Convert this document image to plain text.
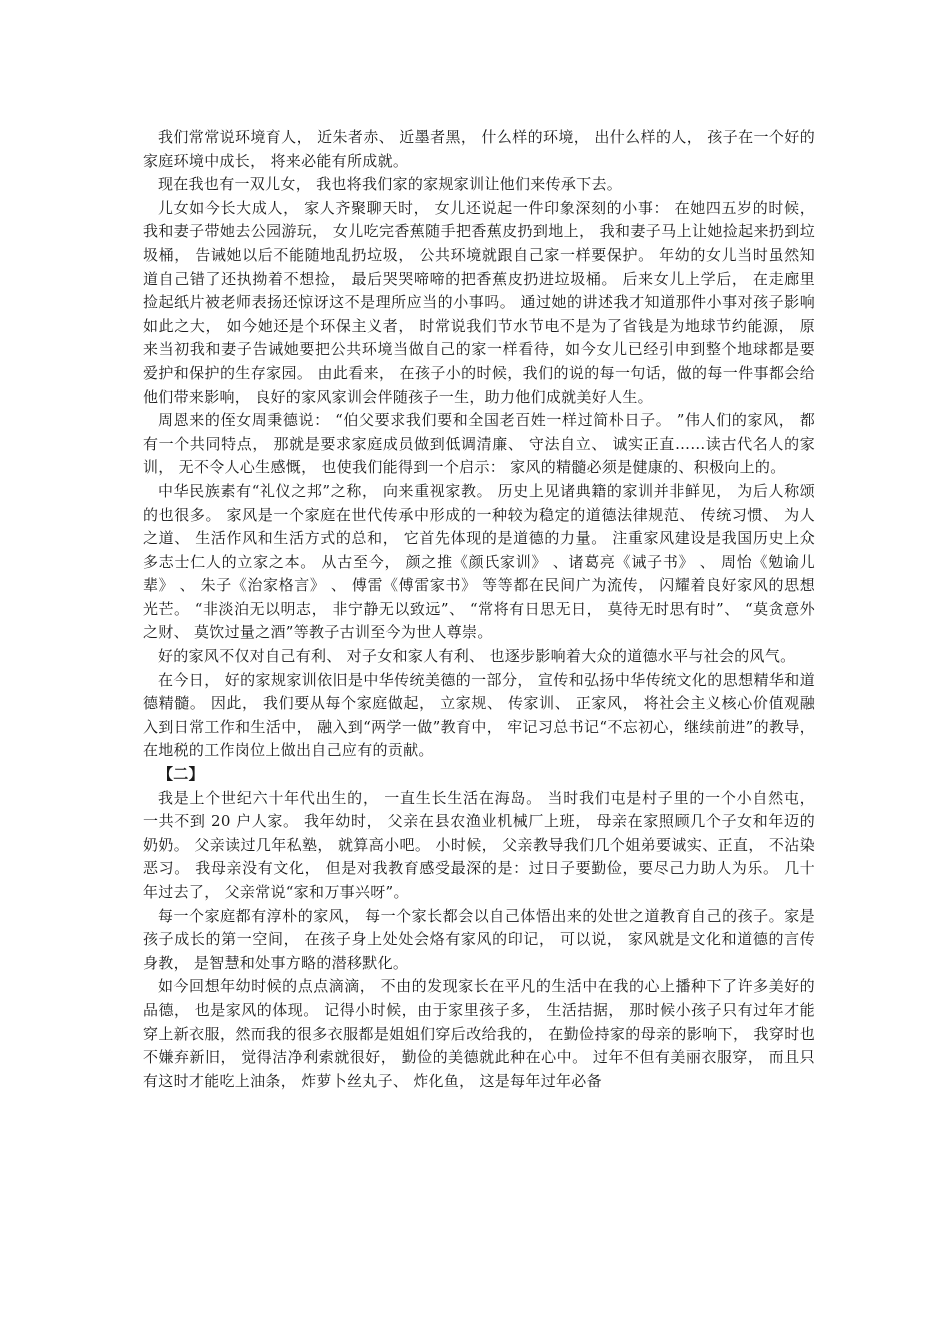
我们常常说环境育人， 近朱者赤、 近墨者黑， 什么样的环境， 出什么样的人， 孩子在一个好的家庭环境中成长， 将来必能有所成就。

现在我也有一双儿女， 我也将我们家的家规家训让他们来传承下去。

儿女如今长大成人， 家人齐聚聊天时， 女儿还说起一件印象深刻的小事： 在她四五岁的时候， 我和妻子带她去公园游玩， 女儿吃完香蕉随手把香蕉皮扔到地上， 我和妻子马上让她捡起来扔到垃圾桶， 告诫她以后不能随地乱扔垃圾， 公共环境就跟自己家一样要保护。 年幼的女儿当时虽然知道自己错了还执拗着不想捡， 最后哭哭啼啼的把香蕉皮扔进垃圾桶。 后来女儿上学后， 在走廊里捡起纸片被老师表扬还惊讶这不是理所应当的小事吗。 通过她的讲述我才知道那件小事对孩子影响如此之大， 如今她还是个环保主义者， 时常说我们节水节电不是为了省钱是为地球节约能源， 原来当初我和妻子告诫她要把公共环境当做自己的家一样看待，如今女儿已经引申到整个地球都是要爱护和保护的生存家园。 由此看来， 在孩子小的时候，我们的说的每一句话，做的每一件事都会给他们带来影响， 良好的家风家训会伴随孩子一生，助力他们成就美好人生。

周恩来的侄女周秉德说： “伯父要求我们要和全国老百姓一样过简朴日子。 ”伟人们的家风， 都有一个共同特点， 那就是要求家庭成员做到低调清廉、 守法自立、 诚实正直……读古代名人的家训， 无不令人心生感慨， 也使我们能得到一个启示： 家风的精髓必须是健康的、积极向上的。

中华民族素有“礼仪之邦”之称， 向来重视家教。 历史上见诸典籍的家训并非鲜见， 为后人称颂的也很多。 家风是一个家庭在世代传承中形成的一种较为稳定的道德法律规范、 传统习惯、 为人之道、 生活作风和生活方式的总和， 它首先体现的是道德的力量。 注重家风建设是我国历史上众多志士仁人的立家之本。 从古至今， 颜之推《颜氏家训》 、诸葛亮《诫子书》 、 周怡《勉谕儿辈》 、 朱子《治家格言》 、 傅雷《傅雷家书》 等等都在民间广为流传， 闪耀着良好家风的思想光芒。 “非淡泊无以明志， 非宁静无以致远”、 “常将有日思无日， 莫待无时思有时”、 “莫贪意外之财、 莫饮过量之酒”等教子古训至今为世人尊崇。

好的家风不仅对自己有利、 对子女和家人有利、 也逐步影响着大众的道德水平与社会的风气。

在今日， 好的家规家训依旧是中华传统美德的一部分， 宣传和弘扬中华传统文化的思想精华和道德精髓。 因此， 我们要从每个家庭做起， 立家规、 传家训、 正家风， 将社会主义核心价值观融入到日常工作和生活中， 融入到“两学一做”教育中， 牢记习总书记“不忘初心，继续前进”的教导， 在地税的工作岗位上做出自己应有的贡献。

【二】

我是上个世纪六十年代出生的， 一直生长生活在海岛。 当时我们屯是村子里的一个小自然屯， 一共不到 20 户人家。 我年幼时， 父亲在县农渔业机械厂上班， 母亲在家照顾几个子女和年迈的奶奶。 父亲读过几年私塾， 就算高小吧。 小时候， 父亲教导我们几个姐弟要诚实、正直， 不沾染恶习。 我母亲没有文化， 但是对我教育感受最深的是：过日子要勤俭，要尽己力助人为乐。 几十年过去了， 父亲常说“家和万事兴呀”。

每一个家庭都有淳朴的家风， 每一个家长都会以自己体悟出来的处世之道教育自己的孩子。家是孩子成长的第一空间， 在孩子身上处处会烙有家风的印记， 可以说， 家风就是文化和道德的言传身教， 是智慧和处事方略的潜移默化。

如今回想年幼时候的点点滴滴， 不由的发现家长在平凡的生活中在我的心上播种下了许多美好的品德， 也是家风的体现。 记得小时候，由于家里孩子多， 生活拮据， 那时候小孩子只有过年才能穿上新衣服，然而我的很多衣服都是姐姐们穿后改给我的， 在勤俭持家的母亲的影响下， 我穿时也不嫌弃新旧， 觉得洁净利索就很好， 勤俭的美德就此种在心中。 过年不但有美丽衣服穿， 而且只有这时才能吃上油条， 炸萝卜丝丸子、 炸化鱼， 这是每年过年必备
